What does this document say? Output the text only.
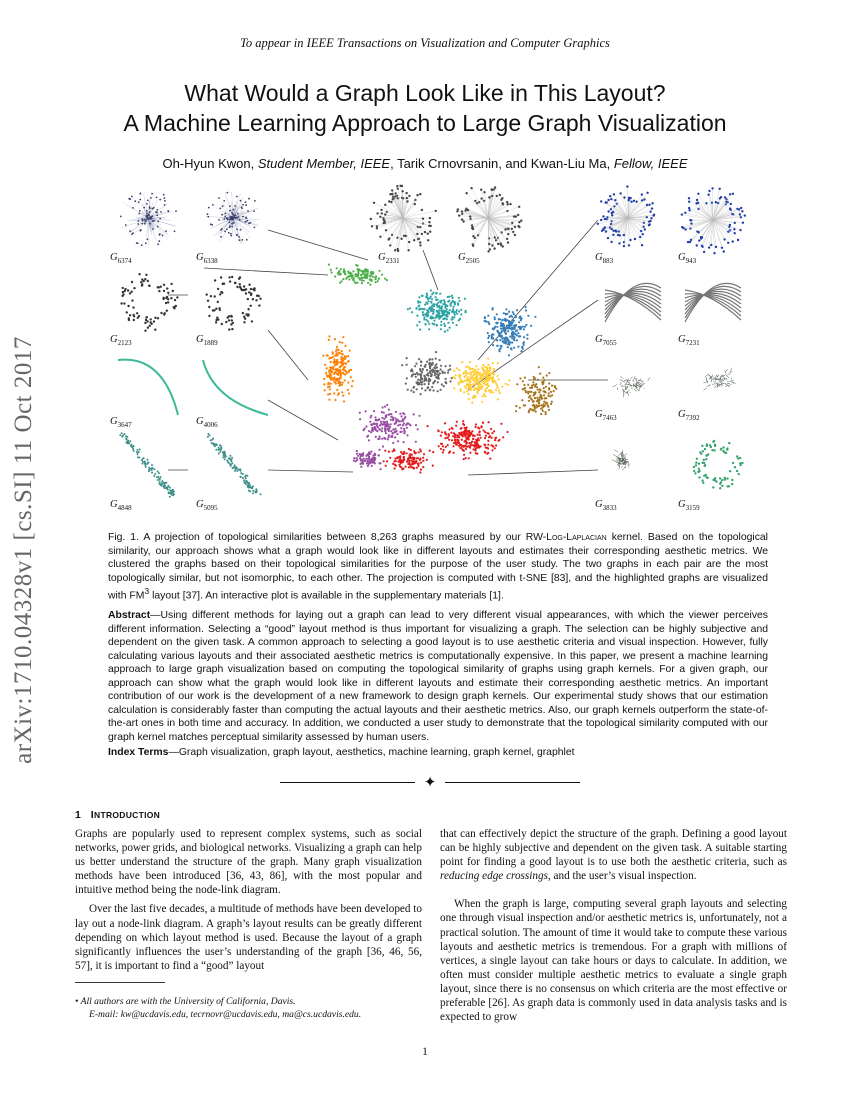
To appear in IEEE Transactions on Visualization and Computer Graphics
What Would a Graph Look Like in This Layout?
A Machine Learning Approach to Large Graph Visualization
Oh-Hyun Kwon, Student Member, IEEE, Tarik Crnovrsanin, and Kwan-Liu Ma, Fellow, IEEE
arXiv:1710.04328v1 [cs.SI] 11 Oct 2017
$G_{6374}$	$G_{6338}$	$G_{2331}$	$G_{2505}$	$G_{883}$	$G_{943}$
$G_{2123}$	$G_{1889}$	$G_{7055}$	$G_{7231}$
$G_{3647}$	$G_{4006}$
$G_{7463}$	$G_{7392}$
$G_{4848}$	$G_{5095}$	$G_{3833}$	$G_{3159}$
Fig. 1. A projection of topological similarities between 8,263 graphs measured by our RW-Log-Laplacian kernel. Based on the topological similarity, our approach shows what a graph would look like in different layouts and estimates their corresponding aesthetic metrics. We clustered the graphs based on their topological similarities for the purpose of the user study. The two graphs in each pair are the most topologically similar, but not isomorphic, to each other. The projection is computed with t-SNE [83], and the highlighted graphs are visualized with $FM^3$ layout [37]. An interactive plot is available in the supplementary materials [1].
Abstract—Using different methods for laying out a graph can lead to very different visual appearances, with which the viewer perceives different information. Selecting a “good” layout method is thus important for visualizing a graph. The selection can be highly subjective and dependent on the given task. A common approach to selecting a good layout is to use aesthetic criteria and visual inspection. However, fully calculating various layouts and their associated aesthetic metrics is computationally expensive. In this paper, we present a machine learning approach to large graph visualization based on computing the topological similarity of graphs using graph kernels. For a given graph, our approach can show what the graph would look like in different layouts and estimate their corresponding aesthetic metrics. An important contribution of our work is the development of a new framework to design graph kernels. Our experimental study shows that our estimation calculation is considerably faster than computing the actual layouts and their aesthetic metrics. Also, our graph kernels outperform the state-of-the-art ones in both time and accuracy. In addition, we conducted a user study to demonstrate that the topological similarity computed with our graph kernel matches perceptual similarity assessed by human users.
Index Terms—Graph visualization, graph layout, aesthetics, machine learning, graph kernel, graphlet
✦
1 INTRODUCTION

Graphs are popularly used to represent complex systems, such as social networks, power grids, and biological networks. Visualizing a graph can help us better understand the structure of the graph. Many graph visualization methods have been introduced [36, 43, 86], with the most popular and intuitive method being the node-link diagram.

Over the last five decades, a multitude of methods have been developed to lay out a node-link diagram. A graph’s layout results can be greatly different depending on which layout method is used. Because the layout of a graph significantly influences the user’s understanding of the graph [36, 46, 56, 57], it is important to find a “good” layout

that can effectively depict the structure of the graph. Defining a good layout can be highly subjective and dependent on the given task. A suitable starting point for finding a good layout is to use both the aesthetic criteria, such as reducing edge crossings, and the user’s visual inspection.

When the graph is large, computing several graph layouts and selecting one through visual inspection and/or aesthetic metrics is, unfortunately, not a practical solution. The amount of time it would take to compute these various layouts and aesthetic metrics is tremendous. For a graph with millions of vertices, a single layout can take hours or days to calculate. In addition, we often must consider multiple aesthetic metrics to evaluate a single graph layout, since there is no consensus on which criteria are the most effective or preferable [26]. As graph data is commonly used in data analysis tasks and is expected to grow

• All authors are with the University of California, Davis.
E-mail: kw@ucdavis.edu, tecrnovr@ucdavis.edu, ma@cs.ucdavis.edu.
1
